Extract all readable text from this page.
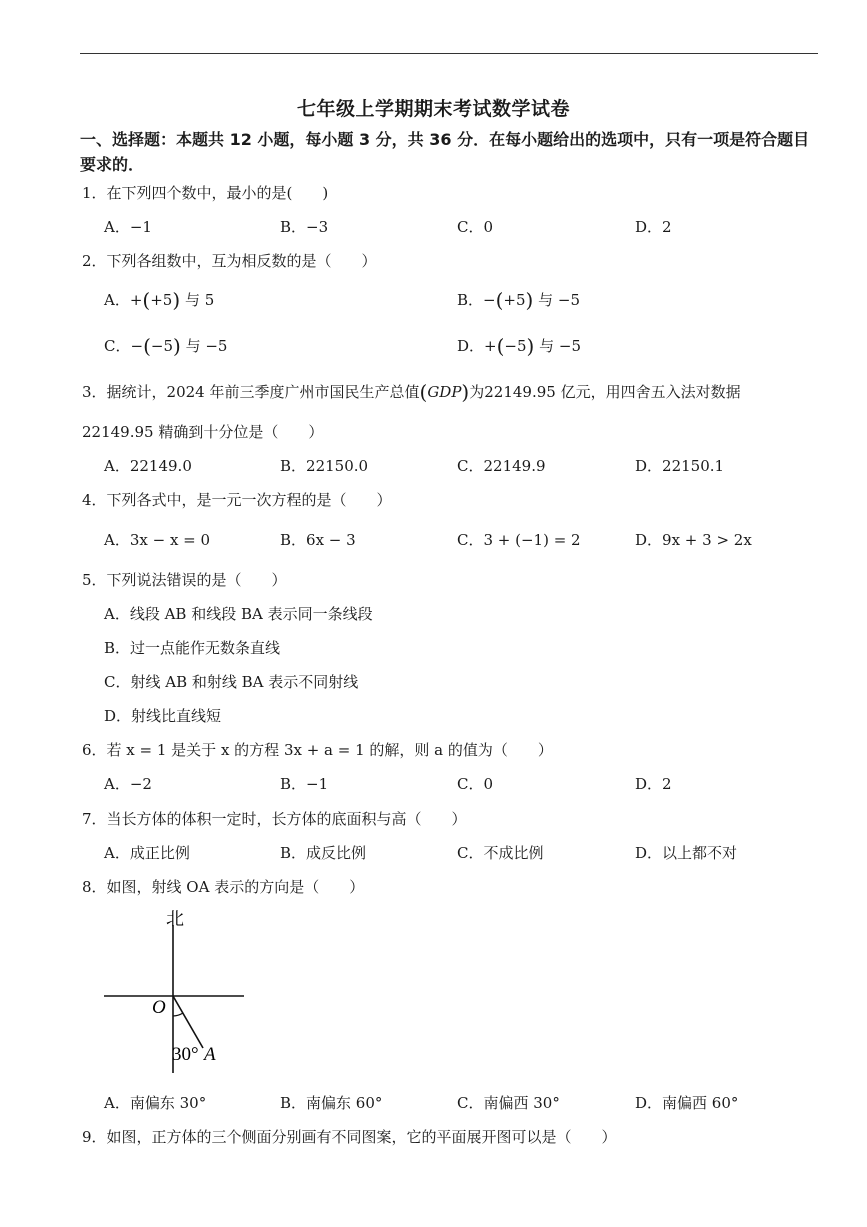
七年级上学期期末考试数学试卷
一、选择题：本题共 12 小题，每小题 3 分，共 36 分．在每小题给出的选项中，只有一项是符合题目要求的．
1．在下列四个数中，最小的是(　　)
A．−1	B．−3	C．0	D．2
2．下列各组数中，互为相反数的是（　　）
A．+(+5) 与 5	B．−(+5) 与 −5
C．−(−5) 与 −5	D．+(−5) 与 −5
3．据统计，2024 年前三季度广州市国民生产总值(GDP)为22149.95 亿元，用四舍五入法对数据
22149.95 精确到十分位是（　　）
A．22149.0	B．22150.0	C．22149.9	D．22150.1
4．下列各式中，是一元一次方程的是（　　）
A．3x − x = 0	B．6x − 3	C．3 + (−1) = 2	D．9x + 3 > 2x
5．下列说法错误的是（　　）
A．线段 AB 和线段 BA 表示同一条线段
B．过一点能作无数条直线
C．射线 AB 和射线 BA 表示不同射线
D．射线比直线短
6．若 x = 1 是关于 x 的方程 3x + a = 1 的解，则 a 的值为（　　）
A．−2	B．−1	C．0	D．2
7．当长方体的体积一定时，长方体的底面积与高（　　）
A．成正比例	B．成反比例	C．不成比例	D．以上都不对
8．如图，射线 OA 表示的方向是（　　）
北
O
30° A
A．南偏东 30°	B．南偏东 60°	C．南偏西 30°	D．南偏西 60°
9．如图，正方体的三个侧面分别画有不同图案，它的平面展开图可以是（　　）
